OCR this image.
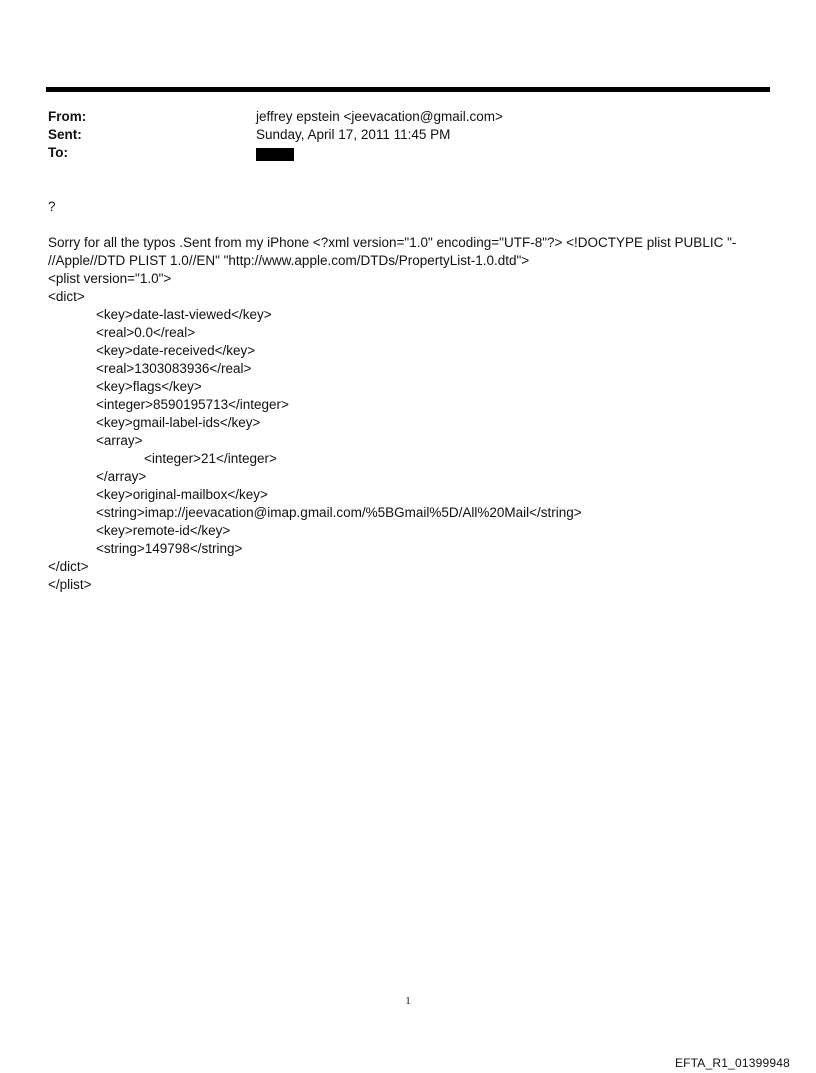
From:	jeffrey epstein <jeevacation@gmail.com>
Sent:	Sunday, April 17, 2011 11:45 PM
To:
?
Sorry for all the typos .Sent from my iPhone <?xml version="1.0" encoding="UTF-8"?> <!DOCTYPE plist PUBLIC "-
//Apple//DTD PLIST 1.0//EN" "http://www.apple.com/DTDs/PropertyList-1.0.dtd">
<plist version="1.0">
<dict>
<key>date-last-viewed</key>
<real>0.0</real>
<key>date-received</key>
<real>1303083936</real>
<key>flags</key>
<integer>8590195713</integer>
<key>gmail-label-ids</key>
<array>
<integer>21</integer>
</array>
<key>original-mailbox</key>
<string>imap://jeevacation@imap.gmail.com/%5BGmail%5D/All%20Mail</string>
<key>remote-id</key>
<string>149798</string>
</dict>
</plist>
1
EFTA_R1_01399948
